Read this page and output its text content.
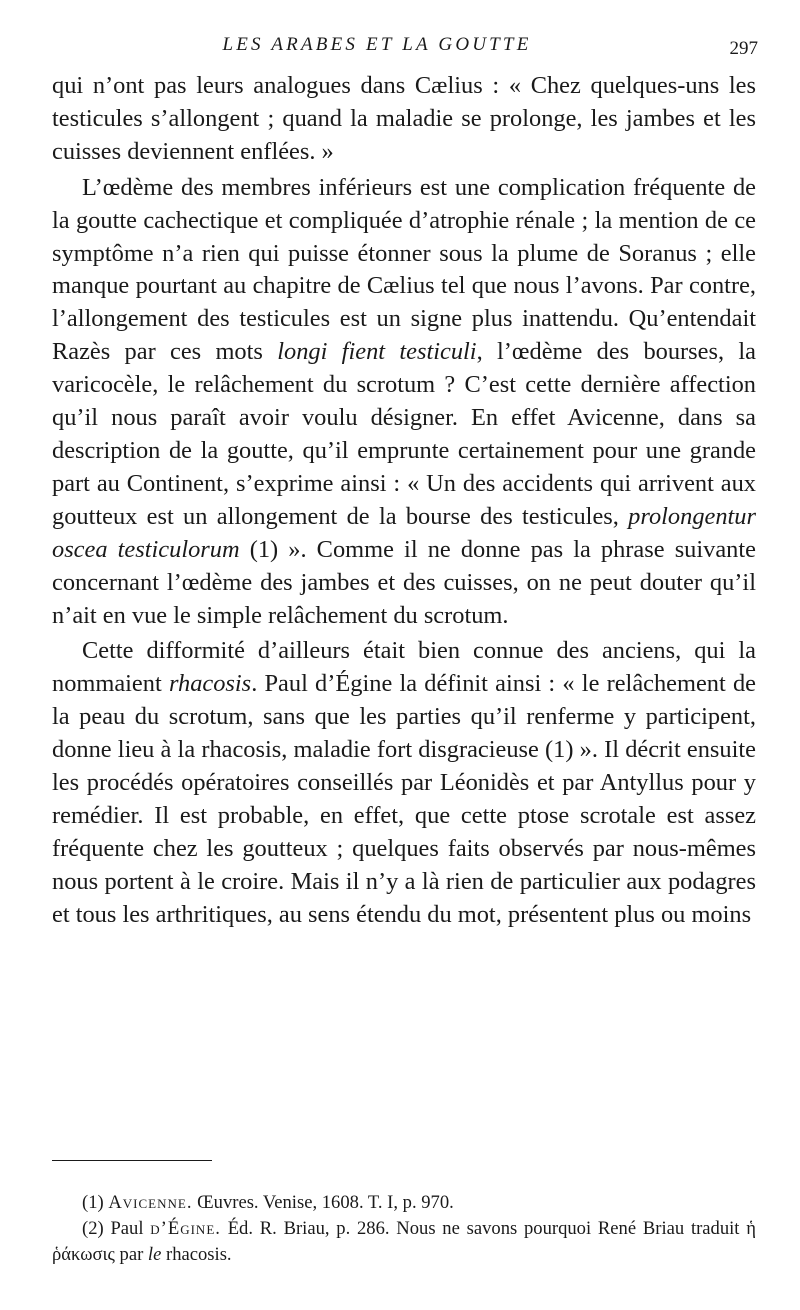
LES ARABES ET LA GOUTTE	297

qui n’ont pas leurs analogues dans Cælius : « Chez quelques-uns les testicules s’allongent ; quand la maladie se prolonge, les jambes et les cuisses deviennent enflées. »

L’œdème des membres inférieurs est une complication fréquente de la goutte cachectique et compliquée d’atrophie rénale ; la mention de ce symptôme n’a rien qui puisse étonner sous la plume de Soranus ; elle manque pourtant au chapitre de Cælius tel que nous l’avons. Par contre, l’allongement des testicules est un signe plus inattendu. Qu’entendait Razès par ces mots longi fient testiculi, l’œdème des bourses, la varicocèle, le relâchement du scrotum ? C’est cette dernière affection qu’il nous paraît avoir voulu désigner. En effet Avicenne, dans sa description de la goutte, qu’il emprunte certainement pour une grande part au Continent, s’exprime ainsi : « Un des accidents qui arrivent aux goutteux est un allongement de la bourse des testicules, prolongentur oscea testiculorum (1) ». Comme il ne donne pas la phrase suivante concernant l’œdème des jambes et des cuisses, on ne peut douter qu’il n’ait en vue le simple relâchement du scrotum.

Cette difformité d’ailleurs était bien connue des anciens, qui la nommaient rhacosis. Paul d’Égine la définit ainsi : « le relâchement de la peau du scrotum, sans que les parties qu’il renferme y participent, donne lieu à la rhacosis, maladie fort disgracieuse (1) ». Il décrit ensuite les procédés opératoires conseillés par Léonidès et par Antyllus pour y remédier. Il est probable, en effet, que cette ptose scrotale est assez fréquente chez les goutteux ; quelques faits observés par nous-mêmes nous portent à le croire. Mais il n’y a là rien de particulier aux podagres et tous les arthritiques, au sens étendu du mot, présentent plus ou moins

(1) Avicenne. Œuvres. Venise, 1608. T. I, p. 970.

(2) Paul d’Égine. Éd. R. Briau, p. 286. Nous ne savons pourquoi René Briau traduit ἡ ῥάκωσις par le rhacosis.
